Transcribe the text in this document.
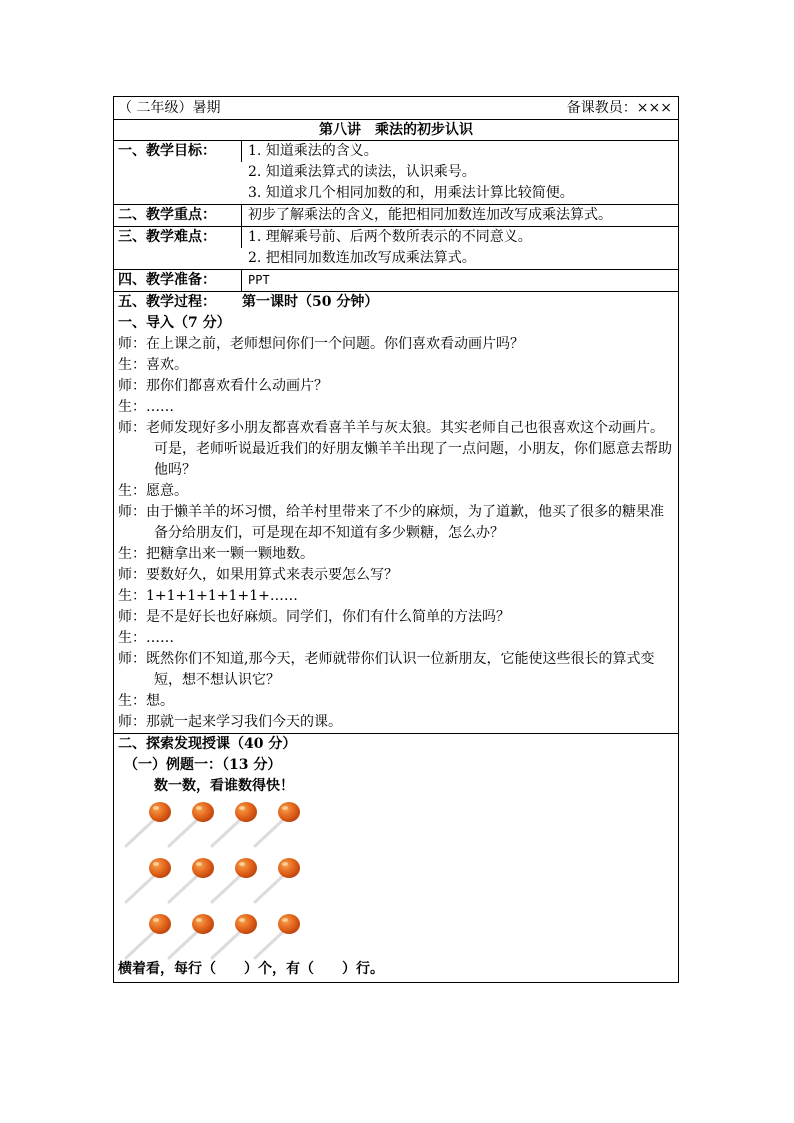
（ 二年级）暑期	备课教员：×××
第八讲　乘法的初步认识
一、教学目标：	1. 知道乘法的含义。
2. 知道乘法算式的读法，认识乘号。
3. 知道求几个相同加数的和，用乘法计算比较简便。
二、教学重点：	初步了解乘法的含义，能把相同加数连加改写成乘法算式。
三、教学难点：	1. 理解乘号前、后两个数所表示的不同意义。
2. 把相同加数连加改写成乘法算式。
四、教学准备：	PPT
五、教学过程： 第一课时（50 分钟）
一、导入（7 分）
师：在上课之前，老师想问你们一个问题。你们喜欢看动画片吗？
生：喜欢。
师：那你们都喜欢看什么动画片？
生：……
师：老师发现好多小朋友都喜欢看喜羊羊与灰太狼。其实老师自己也很喜欢这个动画片。可是，老师听说最近我们的好朋友懒羊羊出现了一点问题，小朋友，你们愿意去帮助他吗？
生：愿意。
师：由于懒羊羊的坏习惯，给羊村里带来了不少的麻烦，为了道歉，他买了很多的糖果准备分给朋友们，可是现在却不知道有多少颗糖，怎么办？
生：把糖拿出来一颗一颗地数。
师：要数好久，如果用算式来表示要怎么写？
生：1+1+1+1+1+1+……
师：是不是好长也好麻烦。同学们，你们有什么简单的方法吗？
生：……
师：既然你们不知道,那今天，老师就带你们认识一位新朋友，它能使这些很长的算式变短，想不想认识它？
生：想。
师：那就一起来学习我们今天的课。
二、探索发现授课（40 分）
（一）例题一：（13 分）
数一数，看谁数得快！
横着看，每行（　　）个，有（　　）行。
